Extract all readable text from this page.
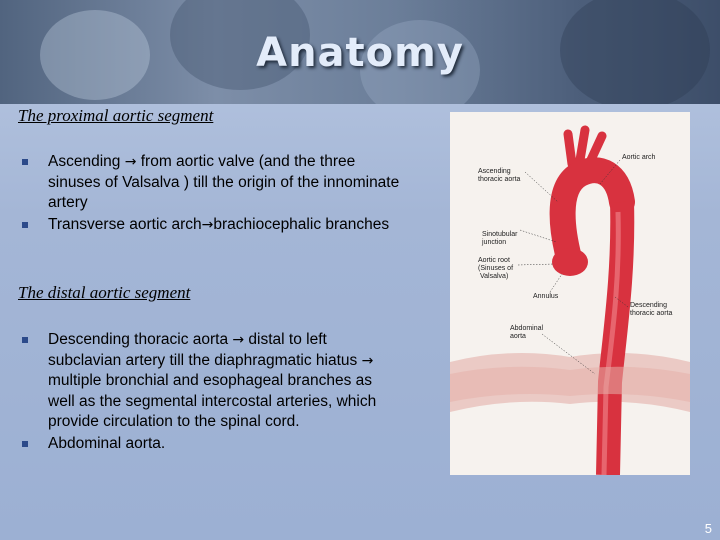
Anatomy
The proximal aortic segment
Ascending → from aortic valve (and the three sinuses of Valsalva ) till the origin of the innominate artery
Transverse aortic arch→brachiocephalic branches
The distal aortic segment
Descending thoracic aorta → distal to left subclavian artery till the diaphragmatic hiatus → multiple bronchial and esophageal branches as well as the segmental intercostal arteries, which provide circulation to the spinal cord.
Abdominal aorta.
Aortic arch
Ascending
thoracic aorta
Sinotubular
junction
Aortic root
(Sinuses of
Valsalva)
Annulus
Descending
thoracic aorta
Abdominal
aorta
5
